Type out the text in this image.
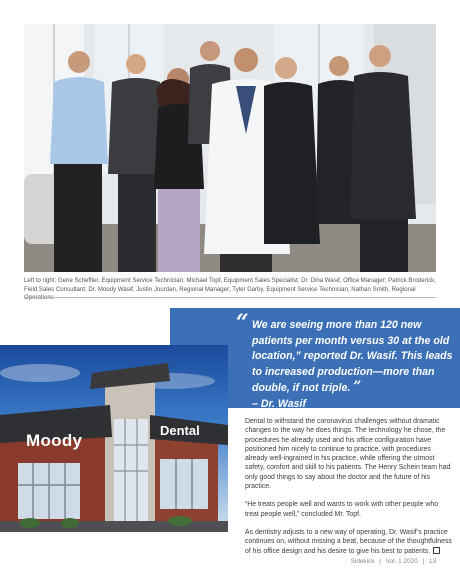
Left to right: Gene Scheffler, Equipment Service Technician; Michael Topf, Equipment Sales Specialist; Dr. Dina Wasif, Office Manager; Patrick Broderick, Field Sales Consultant; Dr. Moody Wasif; Justin Jourdan, Regional Manager; Tyler Darby, Equipment Service Technician; Nathan Smith, Regional Operations
“ We are seeing more than 120 new patients per month versus 30 at the old location,” reported Dr. Wasif. This leads to increased production—more than double, if not triple. ”
– Dr. Wasif
Moody
Dental

Dental to withstand the coronavirus challenges without dramatic changes to the way he does things. The technology he chose, the procedures he already used and his office configuration have positioned him nicely to continue to practice, with procedures already well-ingrained in his practice, while offering the utmost safety, comfort and skill to his patients. The Henry Schein team had only good things to say about the doctor and the future of his practice.

“He treats people well and wants to work with other people who treat people well,” concluded Mr. Topf.

As dentistry adjusts to a new way of operating, Dr. Wasif’s practice continues on, without missing a beat, because of the thoughtfulness of his office design and his desire to give his best to patients.

Sidekick | Vol. 1 2020 | 13
